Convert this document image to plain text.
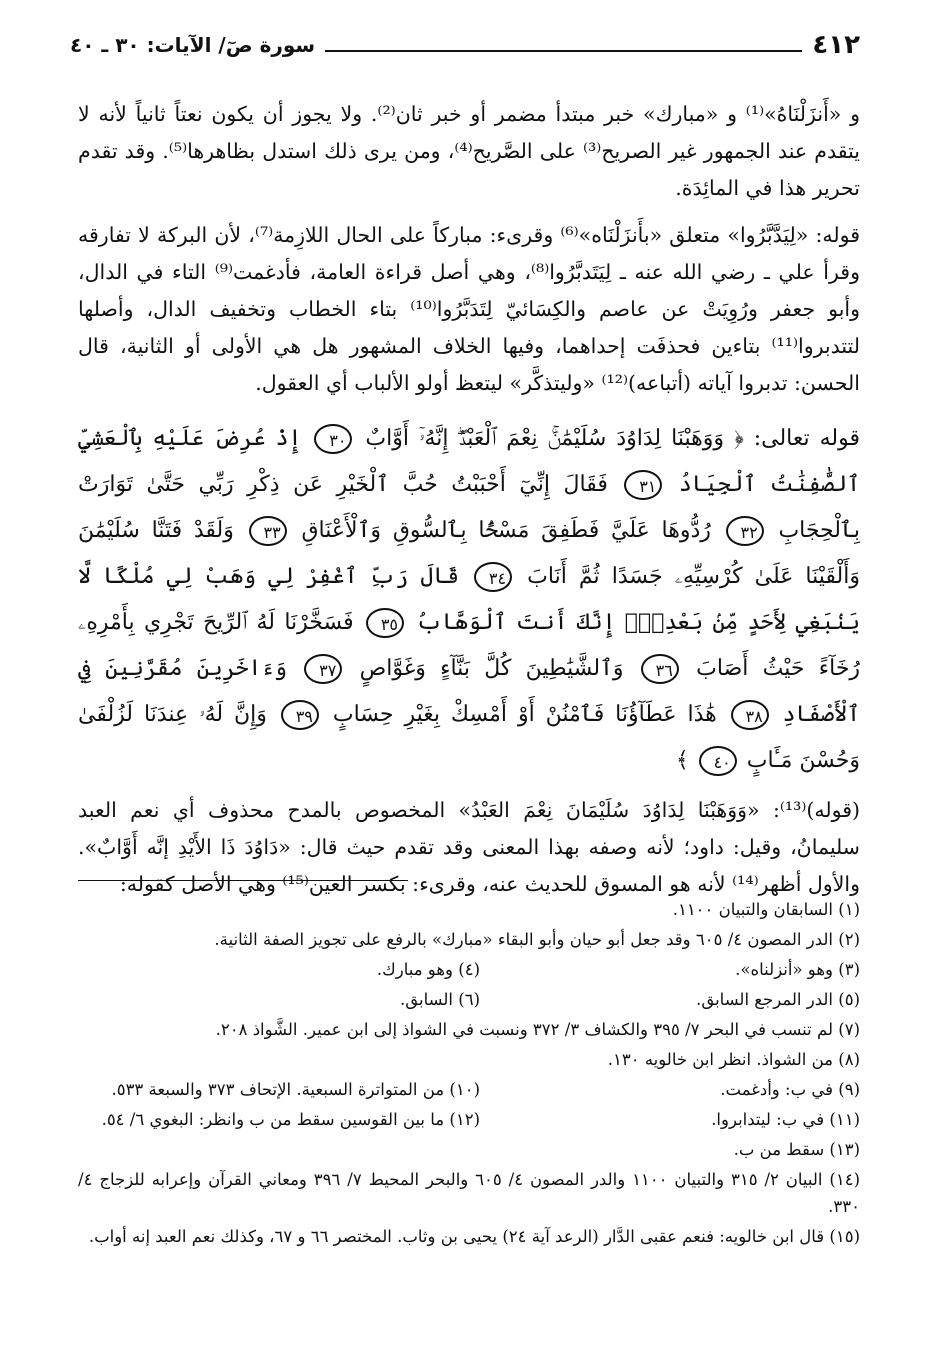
٤١٢
سورة صٓ/ الآيات: ٣٠ ـ ٤٠

و «أَنزَلْنَاهُ»⁽¹⁾ و «مبارك» خبر مبتدأ مضمر أو خبر ثان⁽²⁾. ولا يجوز أن يكون نعتاً ثانياً لأنه لا يتقدم عند الجمهور غير الصريح⁽³⁾ على الصَّريح⁽⁴⁾، ومن يرى ذلك استدل بظاهرها⁽⁵⁾. وقد تقدم تحرير هذا في المائِدَة.

قوله: «لِيَدَّبَّرُوا» متعلق «بأَنزَلْنَاه»⁽⁶⁾ وقرىء: مباركاً على الحال اللازِمة⁽⁷⁾، لأن البركة لا تفارقه وقرأ علي ـ رضي الله عنه ـ لِيَتَدبَّرُوا⁽⁸⁾، وهي أصل قراءة العامة، فأدغمت⁽⁹⁾ التاء في الدال، وأبو جعفر ورُوِيَتْ عن عاصم والكِسَائيّ لِتَدَبَّرُوا⁽¹⁰⁾ بتاء الخطاب وتخفيف الدال، وأصلها لتتدبروا⁽¹¹⁾ بتاءين فحذفَت إحداهما، وفيها الخلاف المشهور هل هي الأولى أو الثانية، قال الحسن: تدبروا آياته (أتباعه)⁽¹²⁾ «وليتذكَّر» ليتعظ أولو الألباب أي العقول.

قوله تعالى: ﴿ وَوَهَبْنَا لِدَاوُدَ سُلَيْمَٰنَۚ نِعْمَ ٱلْعَبْدُۖ إِنَّهُۥٓ أَوَّابٌ ٣٠ إِذْ عُرِضَ عَلَيْهِ بِٱلْعَشِيِّ ٱلصَّٰفِنَٰتُ ٱلْجِيَادُ ٣١ فَقَالَ إِنِّيٓ أَحْبَبْتُ حُبَّ ٱلْخَيْرِ عَن ذِكْرِ رَبِّي حَتَّىٰ تَوَارَتْ بِٱلْحِجَابِ ٣٢ رُدُّوهَا عَلَيَّ فَطَفِقَ مَسْحًۢا بِٱلسُّوقِ وَٱلْأَعْنَاقِ ٣٣ وَلَقَدْ فَتَنَّا سُلَيْمَٰنَ وَأَلْقَيْنَا عَلَىٰ كُرْسِيِّهِۦ جَسَدًا ثُمَّ أَنَابَ ٣٤ قَالَ رَبِّ ٱغْفِرْ لِي وَهَبْ لِي مُلْكًا لَّا يَنۢبَغِي لِأَحَدٍ مِّنۢ بَعْدِيٓۖ إِنَّكَ أَنتَ ٱلْوَهَّابُ ٣٥ فَسَخَّرْنَا لَهُ ٱلرِّيحَ تَجْرِي بِأَمْرِهِۦ رُخَآءً حَيْثُ أَصَابَ ٣٦ وَٱلشَّيَٰطِينَ كُلَّ بَنَّآءٍ وَغَوَّاصٍ ٣٧ وَءَاخَرِينَ مُقَرَّنِينَ فِي ٱلْأَصْفَادِ ٣٨ هَٰذَا عَطَآؤُنَا فَٱمْنُنْ أَوْ أَمْسِكْ بِغَيْرِ حِسَابٍ ٣٩ وَإِنَّ لَهُۥ عِندَنَا لَزُلْفَىٰ وَحُسْنَ مَـَٔابٍ ٤٠ ﴾

(قوله)⁽¹³⁾: «وَوَهَبْنَا لِدَاوُدَ سُلَيْمَانَ نِعْمَ العَبْدُ» المخصوص بالمدح محذوف أي نعم العبد سليمانُ، وقيل: داود؛ لأنه وصفه بهذا المعنى وقد تقدم حيث قال: «دَاوُدَ ذَا الأَيْدِ إنَّه أَوَّابٌ». والأول أظهر⁽¹⁴⁾ لأنه هو المسوق للحديث عنه، وقرىء: بكسر العين⁽¹⁵⁾ وهي الأصل كقوله:

(١) السابقان والتبيان ١١٠٠.

(٢) الدر المصون ٤/ ٦٠٥ وقد جعل أبو حيان وأبو البقاء «مبارك» بالرفع على تجويز الصفة الثانية.

(٣) وهو «أنزلناه».

(٤) وهو مبارك.

(٥) الدر المرجع السابق.

(٦) السابق.

(٧) لم تنسب في البحر ٧/ ٣٩٥ والكشاف ٣/ ٣٧٢ ونسبت في الشواذ إلى ابن عمير. الشَّواذ ٢٠٨.

(٨) من الشواذ. انظر ابن خالويه ١٣٠.

(٩) في ب: وأدغمت.

(١٠) من المتواترة السبعية. الإتحاف ٣٧٣ والسبعة ٥٣٣.

(١١) في ب: ليتدابروا.

(١٢) ما بين القوسين سقط من ب وانظر: البغوي ٦/ ٥٤.

(١٣) سقط من ب.

(١٤) البيان ٢/ ٣١٥ والتبيان ١١٠٠ والدر المصون ٤/ ٦٠٥ والبحر المحيط ٧/ ٣٩٦ ومعاني القرآن وإعرابه للزجاج ٤/ ٣٣٠.

(١٥) قال ابن خالويه: فنعم عقبى الدَّار (الرعد آية ٢٤) يحيى بن وثاب. المختصر ٦٦ و ٦٧، وكذلك نعم العبد إنه أواب.
